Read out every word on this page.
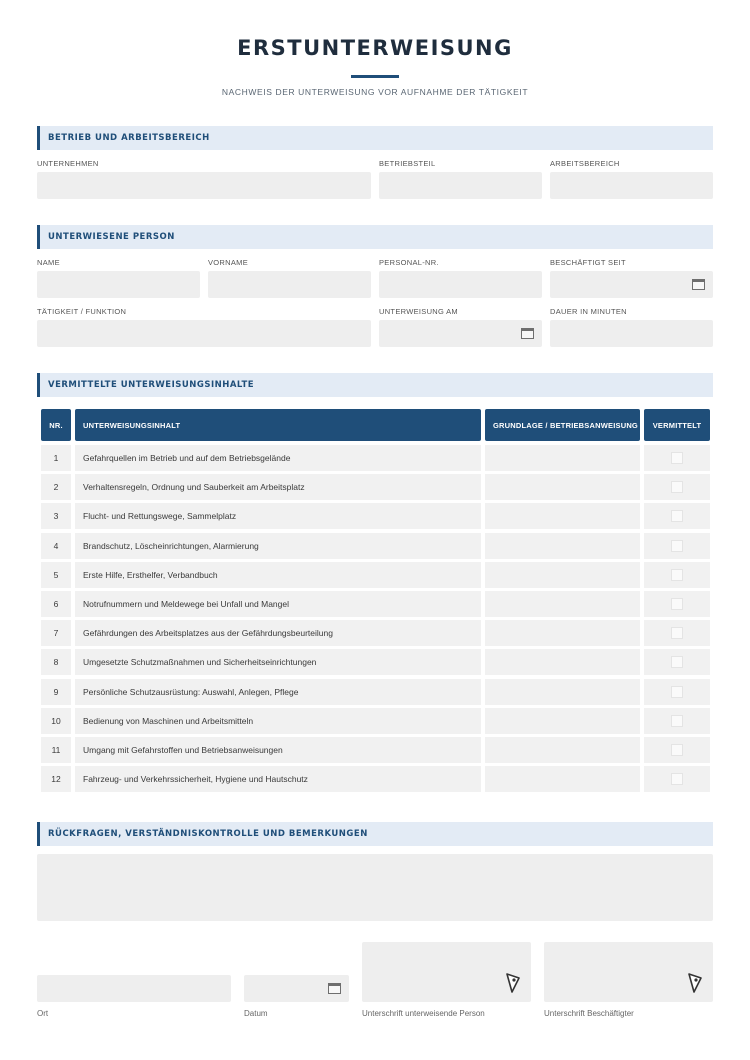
ERSTUNTERWEISUNG
NACHWEIS DER UNTERWEISUNG VOR AUFNAHME DER TÄTIGKEIT
BETRIEB UND ARBEITSBEREICH
UNTERNEHMEN	BETRIEBSTEIL	ARBEITSBEREICH
UNTERWIESENE PERSON
NAME	VORNAME	PERSONAL-NR.	BESCHÄFTIGT SEIT
TÄTIGKEIT / FUNKTION	UNTERWEISUNG AM	DAUER IN MINUTEN
VERMITTELTE UNTERWEISUNGSINHALTE
NR.	UNTERWEISUNGSINHALT	GRUNDLAGE / BETRIEBSANWEISUNG	VERMITTELT
1	Gefahrquellen im Betrieb und auf dem Betriebsgelände
2	Verhaltensregeln, Ordnung und Sauberkeit am Arbeitsplatz
3	Flucht- und Rettungswege, Sammelplatz
4	Brandschutz, Löscheinrichtungen, Alarmierung
5	Erste Hilfe, Ersthelfer, Verbandbuch
6	Notrufnummern und Meldewege bei Unfall und Mangel
7	Gefährdungen des Arbeitsplatzes aus der Gefährdungsbeurteilung
8	Umgesetzte Schutzmaßnahmen und Sicherheitseinrichtungen
9	Persönliche Schutzausrüstung: Auswahl, Anlegen, Pflege
10	Bedienung von Maschinen und Arbeitsmitteln
11	Umgang mit Gefahrstoffen und Betriebsanweisungen
12	Fahrzeug- und Verkehrssicherheit, Hygiene und Hautschutz
RÜCKFRAGEN, VERSTÄNDNISKONTROLLE UND BEMERKUNGEN
Ort	Datum	Unterschrift unterweisende Person	Unterschrift Beschäftigter
